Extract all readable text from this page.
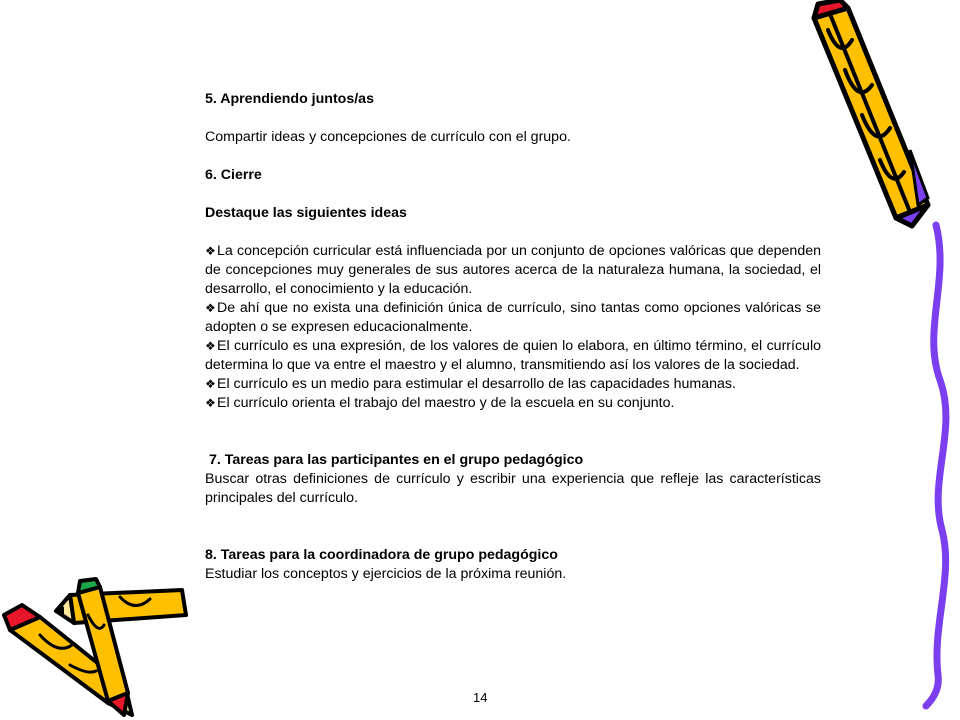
5. Aprendiendo juntos/as

Compartir ideas y concepciones de currículo con el grupo.

6. Cierre

Destaque las siguientes ideas

❖La concepción curricular está influenciada por un conjunto de opciones valóricas que dependen de concepciones muy generales de sus autores acerca de la naturaleza humana, la sociedad, el desarrollo, el conocimiento y la educación.

❖De ahí que no exista una definición única de currículo, sino tantas como opciones valóricas se adopten o se expresen educacionalmente.

❖El currículo es una expresión, de los valores de quien lo elabora, en último término, el currículo determina lo que va entre el maestro y el alumno, transmitiendo así los valores de la sociedad.

❖El currículo es un medio para estimular el desarrollo de las capacidades humanas.

❖El currículo orienta el trabajo del maestro y de la escuela en su conjunto.

7. Tareas para las participantes en el grupo pedagógico

Buscar otras definiciones de currículo y escribir una experiencia que refleje las características principales del currículo.

8. Tareas para la coordinadora de grupo pedagógico

Estudiar los conceptos y ejercicios de la próxima reunión.

14
